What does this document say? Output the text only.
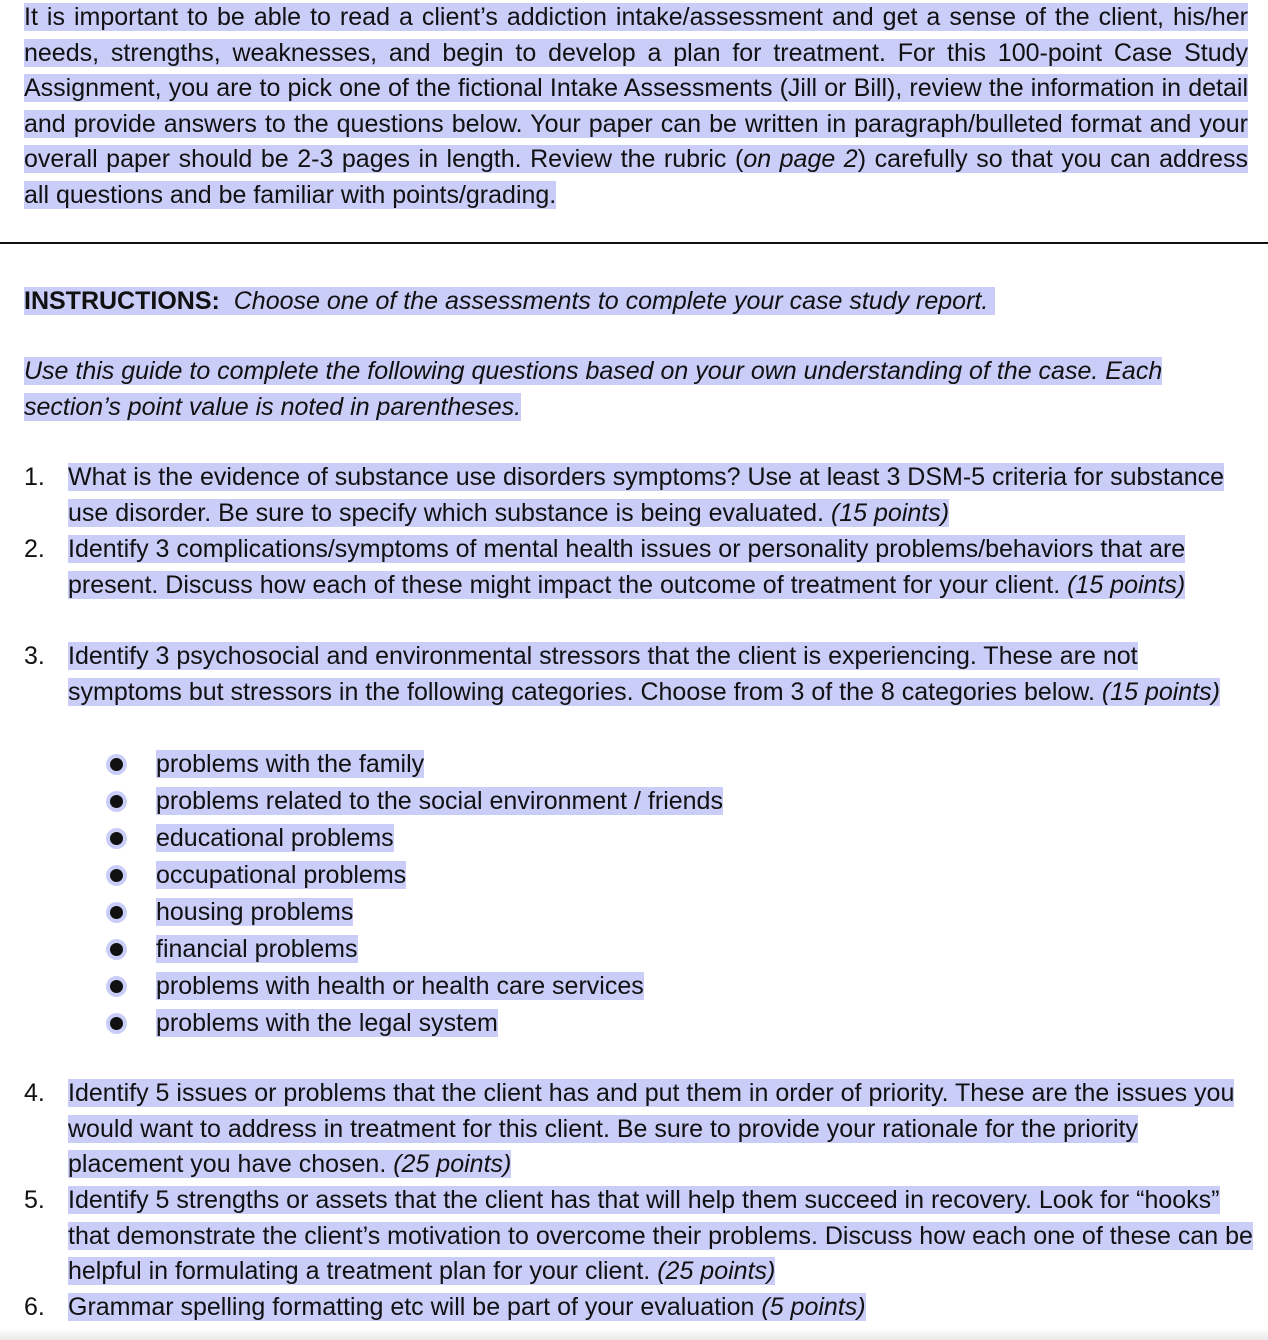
It is important to be able to read a client’s addiction intake/assessment and get a sense of the client, his/her needs, strengths, weaknesses, and begin to develop a plan for treatment. For this 100-point Case Study Assignment, you are to pick one of the fictional Intake Assessments (Jill or Bill), review the information in detail and provide answers to the questions below. Your paper can be written in paragraph/bulleted format and your overall paper should be 2-3 pages in length. Review the rubric (on page 2) carefully so that you can address all questions and be familiar with points/grading.

INSTRUCTIONS: Choose one of the assessments to complete your case study report.
Use this guide to complete the following questions based on your own understanding of the case. Each section’s point value is noted in parentheses.
1. What is the evidence of substance use disorders symptoms? Use at least 3 DSM-5 criteria for substance use disorder. Be sure to specify which substance is being evaluated. (15 points)
2. Identify 3 complications/symptoms of mental health issues or personality problems/behaviors that are present. Discuss how each of these might impact the outcome of treatment for your client. (15 points)
3. Identify 3 psychosocial and environmental stressors that the client is experiencing. These are not symptoms but stressors in the following categories. Choose from 3 of the 8 categories below. (15 points)
problems with the family
problems related to the social environment / friends
educational problems
occupational problems
housing problems
financial problems
problems with health or health care services
problems with the legal system
4. Identify 5 issues or problems that the client has and put them in order of priority. These are the issues you would want to address in treatment for this client. Be sure to provide your rationale for the priority placement you have chosen. (25 points)
5. Identify 5 strengths or assets that the client has that will help them succeed in recovery. Look for “hooks” that demonstrate the client’s motivation to overcome their problems. Discuss how each one of these can be helpful in formulating a treatment plan for your client. (25 points)
6. Grammar spelling formatting etc will be part of your evaluation (5 points)
